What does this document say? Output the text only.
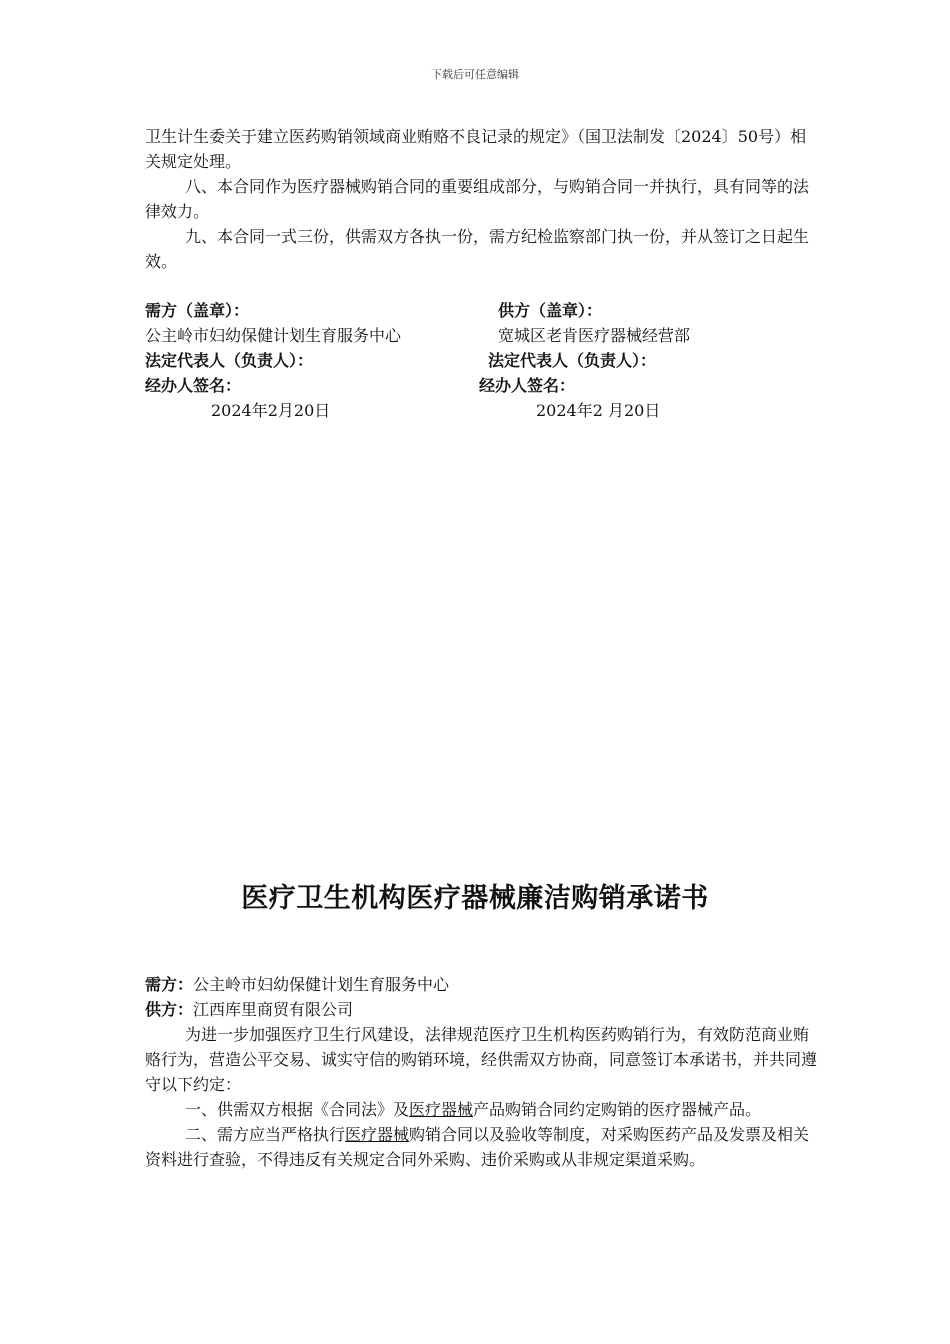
下载后可任意编辑

卫生计生委关于建立医药购销领域商业贿赂不良记录的规定》（国卫法制发〔2024〕50号）相关规定处理。

八、本合同作为医疗器械购销合同的重要组成部分，与购销合同一并执行，具有同等的法律效力。

九、本合同一式三份，供需双方各执一份，需方纪检监察部门执一份，并从签订之日起生效。

需方（盖章）：	供方（盖章）：
公主岭市妇幼保健计划生育服务中心	宽城区老肯医疗器械经营部
法定代表人（负责人）：	法定代表人（负责人）：
经办人签名：	经办人签名：
2024年2月20日	2024年2 月20日
医疗卫生机构医疗器械廉洁购销承诺书

需方：公主岭市妇幼保健计划生育服务中心

供方：江西库里商贸有限公司

为进一步加强医疗卫生行风建设，法律规范医疗卫生机构医药购销行为，有效防范商业贿赂行为，营造公平交易、诚实守信的购销环境，经供需双方协商，同意签订本承诺书，并共同遵守以下约定：

一、供需双方根据《合同法》及医疗器械产品购销合同约定购销的医疗器械产品。

二、需方应当严格执行医疗器械购销合同以及验收等制度，对采购医药产品及发票及相关资料进行查验，不得违反有关规定合同外采购、违价采购或从非规定渠道采购。
